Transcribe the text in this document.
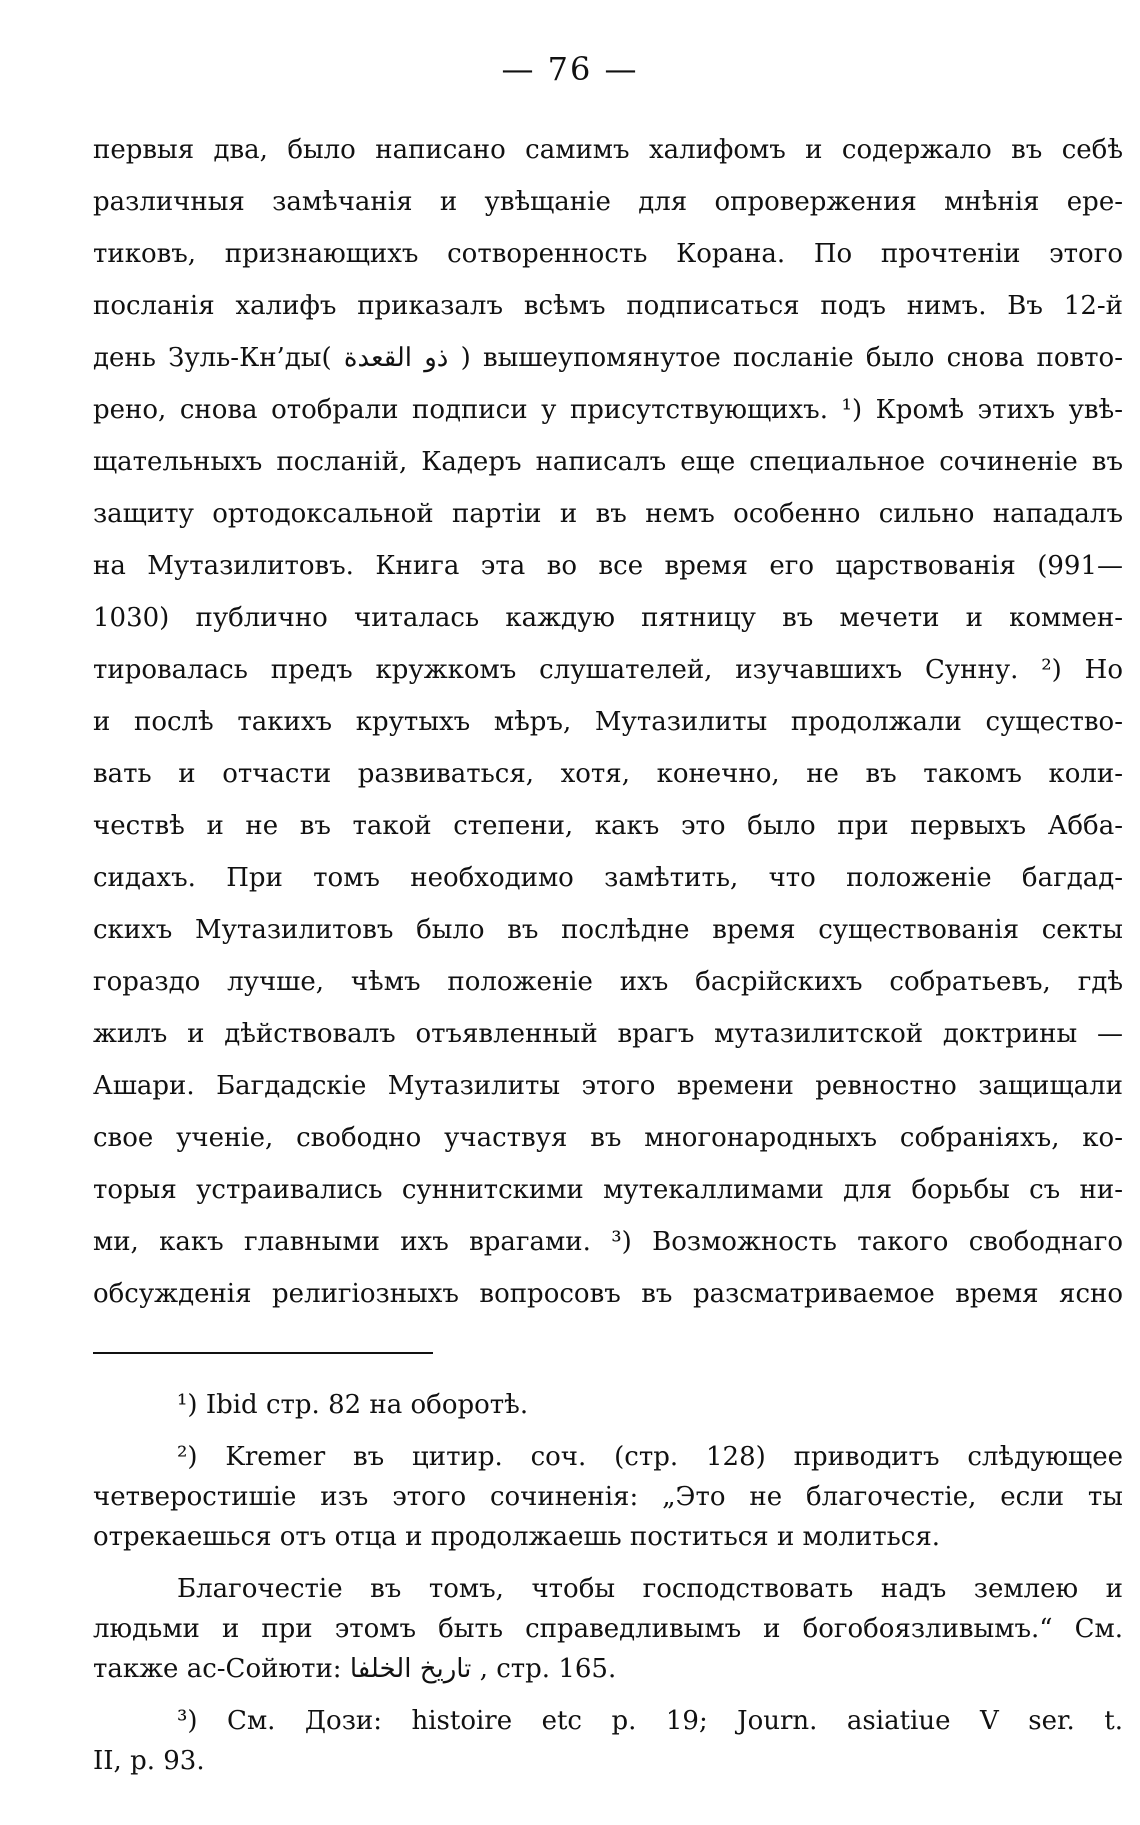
— 76 —
первыя два, было написано самимъ халифомъ и содержало въ себѣ
различныя замѣчанія и увѣщаніе для опровержения мнѣнія ере-
тиковъ, признающихъ сотворенность Корана. По прочтеніи этого
посланія халифъ приказалъ всѣмъ подписаться подъ нимъ. Въ 12-й
день Зуль-Кн’ды( ذو القعدة ) вышеупомянутое посланіе было снова повто-
рено, снова отобрали подписи у присутствующихъ. ¹) Кромѣ этихъ увѣ-
щательныхъ посланій, Кадеръ написалъ еще специальное сочиненіе въ
защиту ортодоксальной партіи и въ немъ особенно сильно нападалъ
на Мутазилитовъ. Книга эта во все время его царствованія (991—
1030) публично читалась каждую пятницу въ мечети и коммен-
тировалась предъ кружкомъ слушателей, изучавшихъ Сунну. ²) Но
и послѣ такихъ крутыхъ мѣръ, Мутазилиты продолжали существо-
вать и отчасти развиваться, хотя, конечно, не въ такомъ коли-
чествѣ и не въ такой степени, какъ это было при первыхъ Абба-
сидахъ. При томъ необходимо замѣтить, что положеніе багдад-
скихъ Мутазилитовъ было въ послѣдне время существованія секты
гораздо лучше, чѣмъ положеніе ихъ басрійскихъ собратьевъ, гдѣ
жилъ и дѣйствовалъ отъявленный врагъ мутазилитской доктрины —
Ашари. Багдадскіе Мутазилиты этого времени ревностно защищали
свое ученіе, свободно участвуя въ многонародныхъ собраніяхъ, ко-
торыя устраивались суннитскими мутекаллимами для борьбы съ ни-
ми, какъ главными ихъ врагами. ³) Возможность такого свободнаго
обсужденія религіозныхъ вопросовъ въ разсматриваемое время ясно
¹) Ibid стр. 82 на оборотѣ.
²) Kremer въ цитир. соч. (стр. 128) приводитъ слѣдующее
четверостишіе изъ этого сочиненія: „Это не благочестіе, если ты
отрекаешься отъ отца и продолжаешь поститься и молиться.
Благочестіе въ томъ, чтобы господствовать надъ землею и
людьми и при этомъ быть справедливымъ и богобоязливымъ.“ См.
также ас-Сойюти: تاريخ الخلفا , стр. 165.
³) См. Дози: histoire etc p. 19; Journ. asiatiue V ser. t.
II, p. 93.
